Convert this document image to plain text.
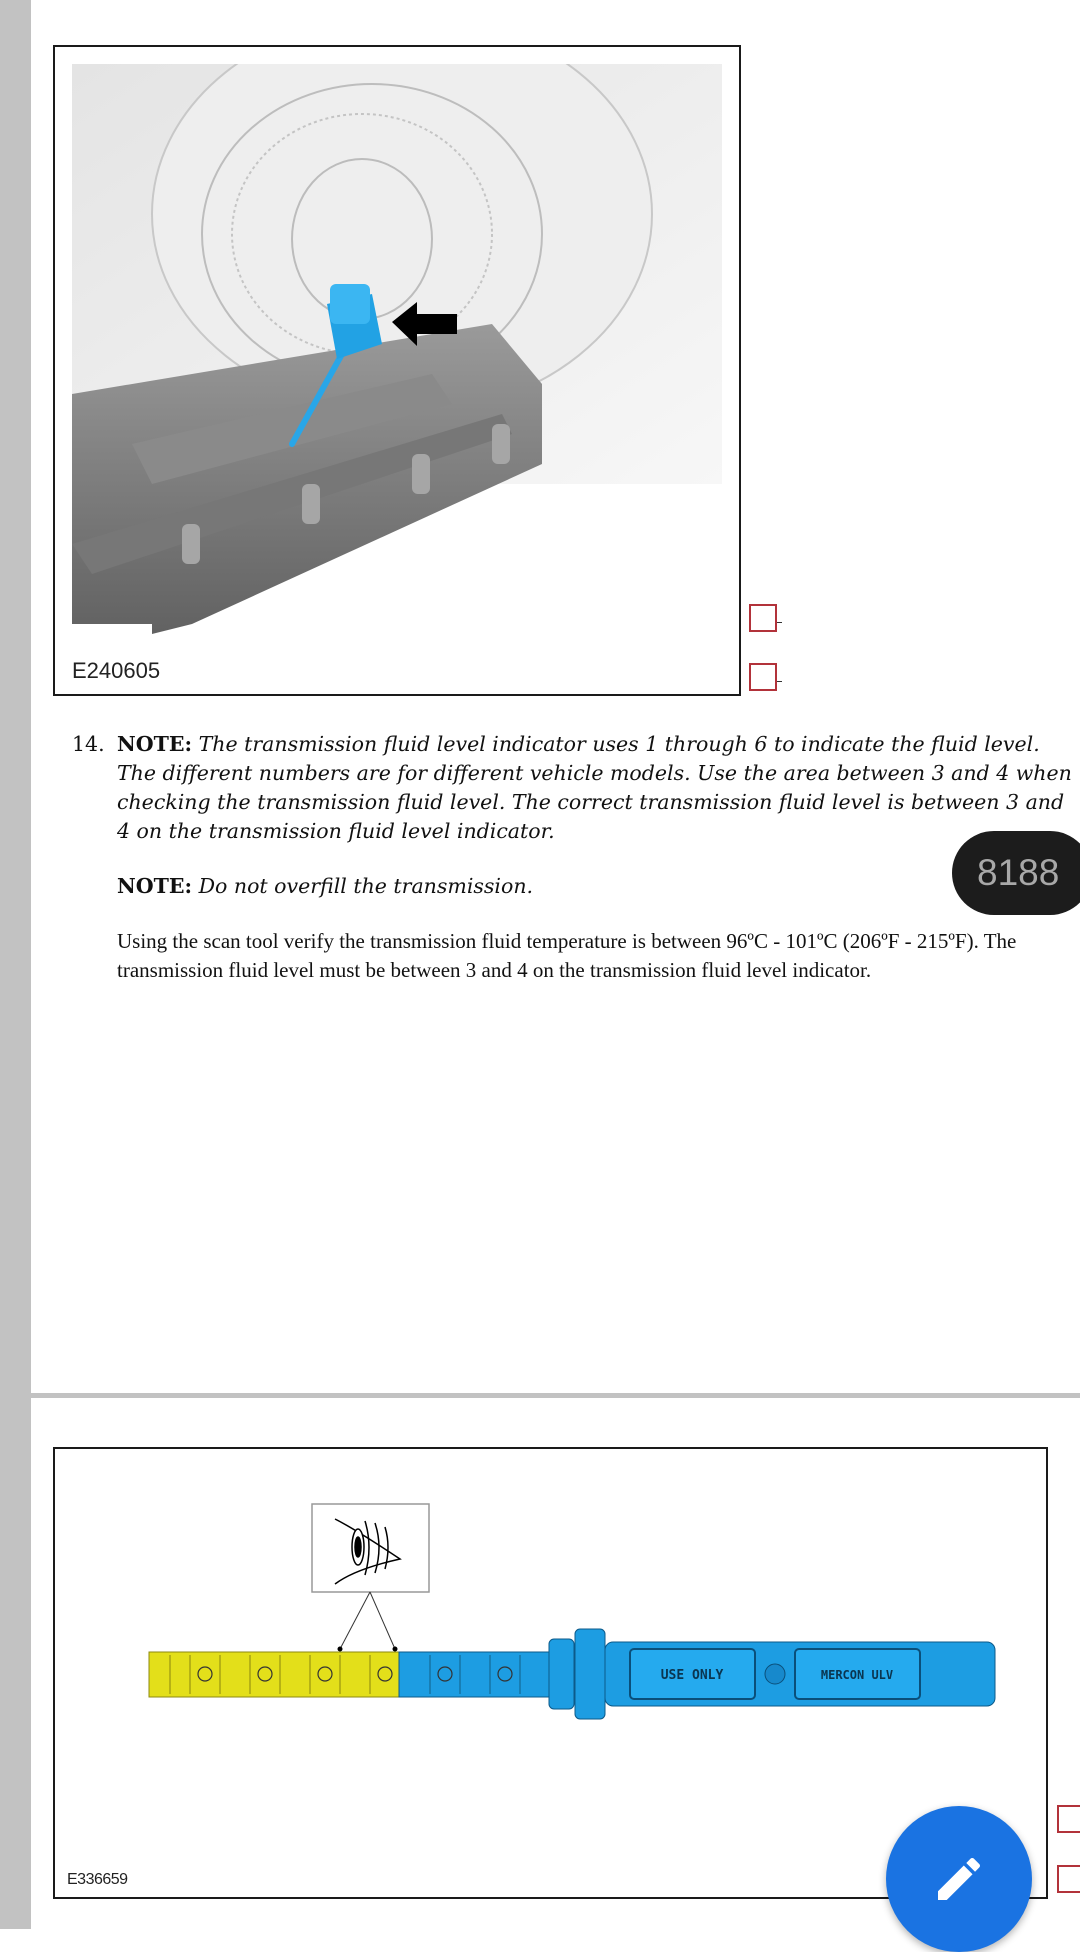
E240605
14. NOTE: The transmission fluid level indicator uses 1 through 6 to indicate the fluid level. The different numbers are for different vehicle models. Use the area between 3 and 4 when checking the transmission fluid level. The correct transmission fluid level is between 3 and 4 on the transmission fluid level indicator.

NOTE: Do not overfill the transmission.

Using the scan tool verify the transmission fluid temperature is between 96ºC - 101ºC (206ºF - 215ºF). The transmission fluid level must be between 3 and 4 on the transmission fluid level indicator.

8188
USE ONLY	MERCON ULV
E336659
